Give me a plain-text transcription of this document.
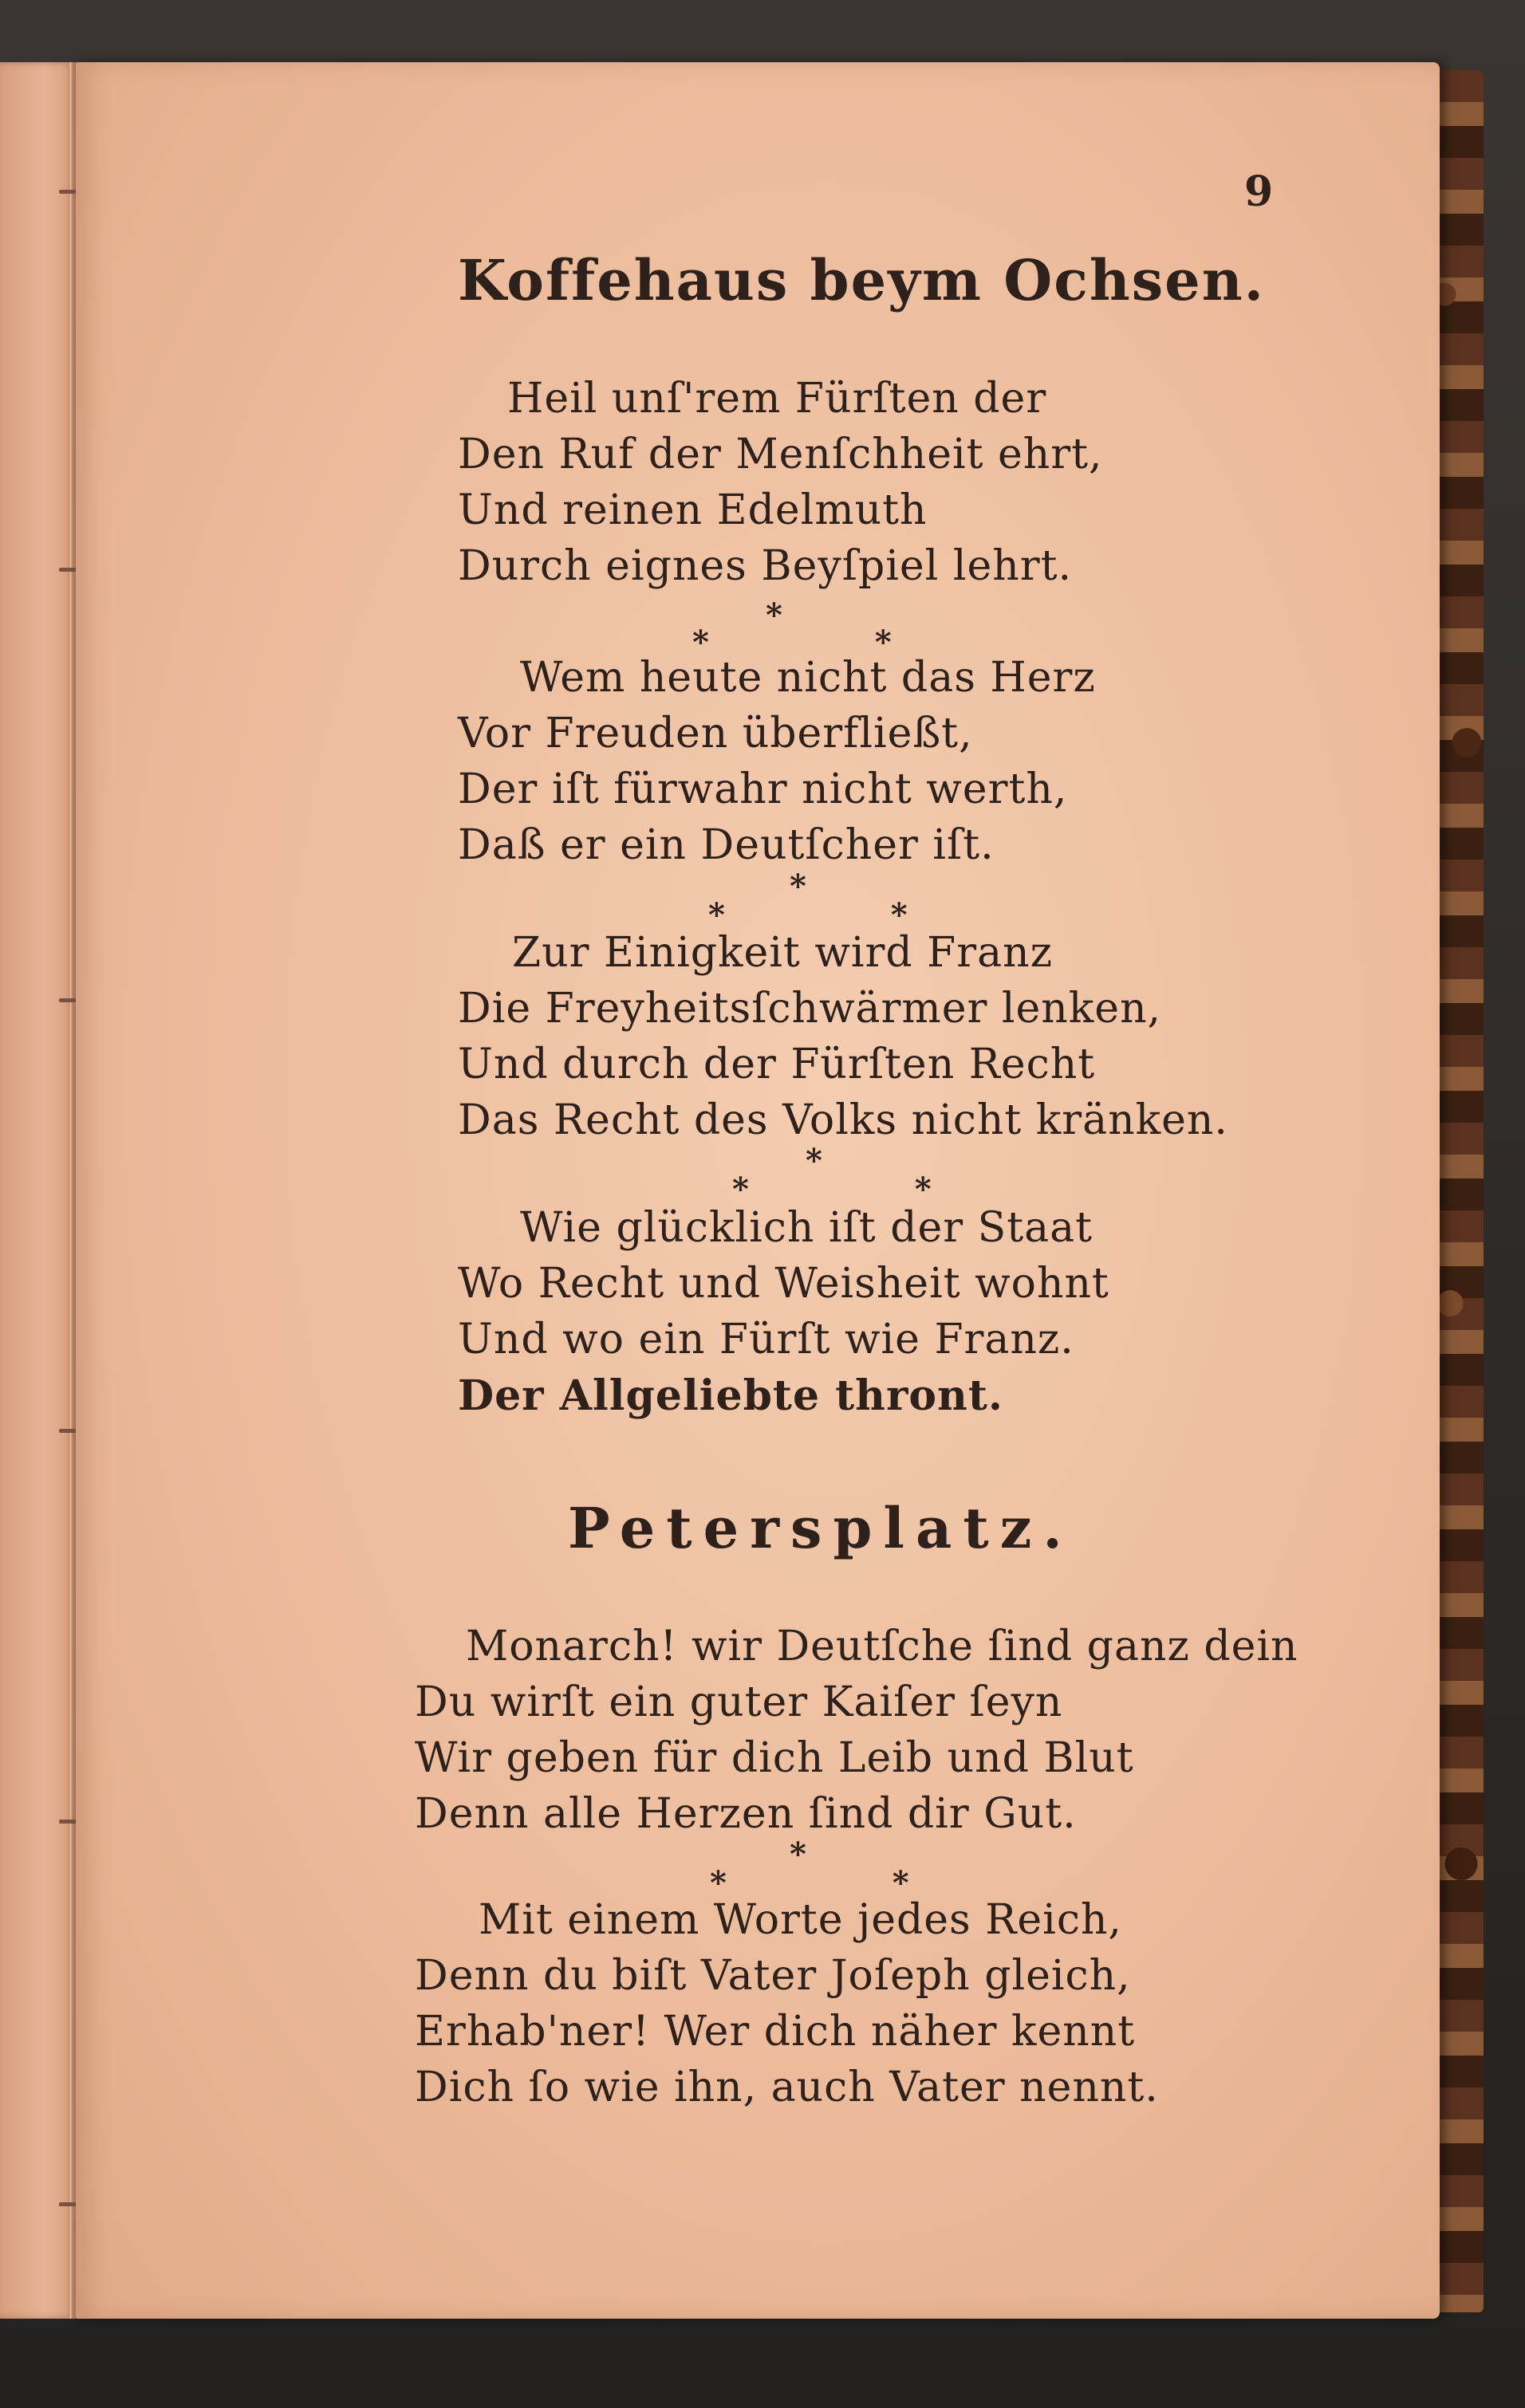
9
Koffehaus beym Ochsen.
Heil unſ'rem Fürſten der
Den Ruf der Menſchheit ehrt,
Und reinen Edelmuth
Durch eignes Beyſpiel lehrt.
*
*  *
Wem heute nicht das Herz
Vor Freuden überfließt,
Der iſt fürwahr nicht werth,
Daß er ein Deutſcher iſt.
*
*  *
Zur Einigkeit wird Franz
Die Freyheitsſchwärmer lenken,
Und durch der Fürſten Recht
Das Recht des Volks nicht kränken.
*
*  *
Wie glücklich iſt der Staat
Wo Recht und Weisheit wohnt
Und wo ein Fürſt wie Franz.
Der Allgeliebte thront.
Petersplatz.
Monarch! wir Deutſche ſind ganz dein
Du wirſt ein guter Kaiſer ſeyn
Wir geben für dich Leib und Blut
Denn alle Herzen ſind dir Gut.
*
*  *
Mit einem Worte jedes Reich,
Denn du biſt Vater Joſeph gleich,
Erhab'ner! Wer dich näher kennt
Dich ſo wie ihn, auch Vater nennt.
